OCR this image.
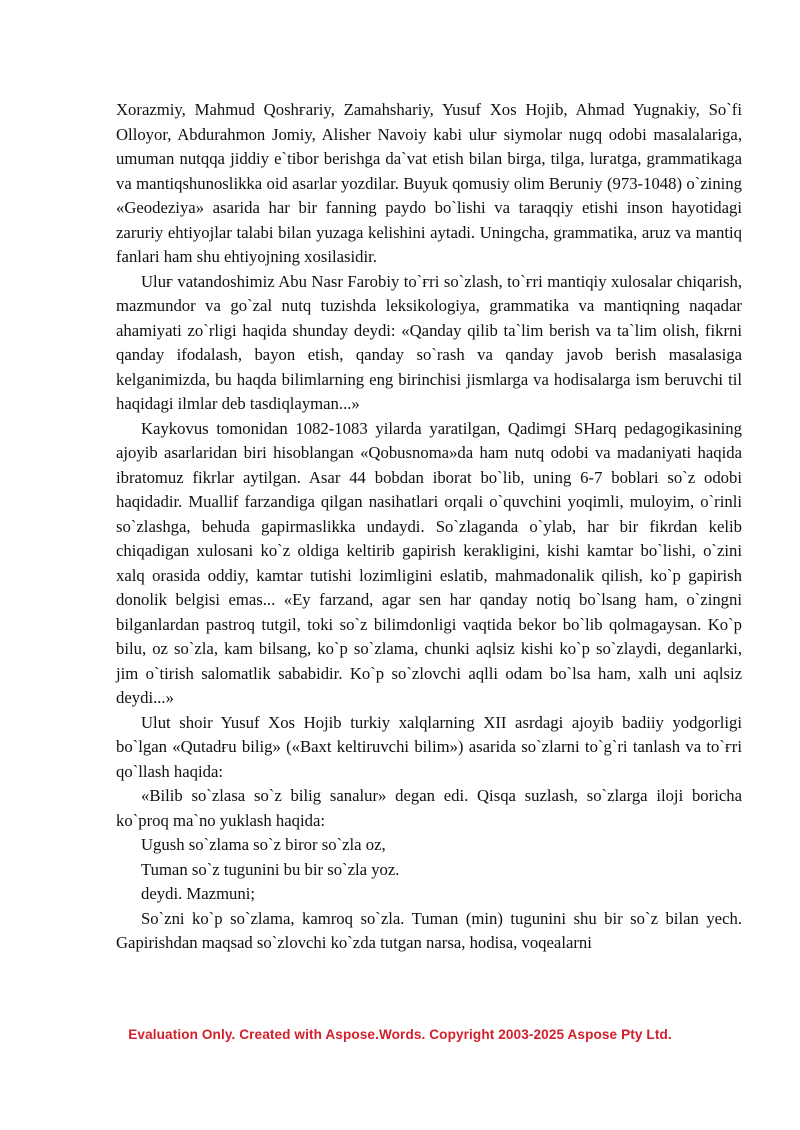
Xorazmiy, Mahmud Qoshғariy, Zamahshariy, Yusuf Xos Hojib, Ahmad Yugnakiy, So`fi Olloyor, Abdurahmon Jomiy, Alisher Navoiy kabi uluғ siymolar nugq odobi masalalariga, umuman nutqqa jiddiy e`tibor berishga da`vat etish bilan birga, tilga, luғatga, grammatikaga va mantiqshunoslikka oid asarlar yozdilar. Buyuk qomusiy olim Beruniy (973-1048) o`zining «Geodeziya» asarida har bir fanning paydo bo`lishi va taraqqiy etishi inson hayotidagi zaruriy ehtiyojlar talabi bilan yuzaga kelishini aytadi. Uningcha, grammatika, aruz va mantiq fanlari ham shu ehtiyojning xosilasidir.

Uluғ vatandoshimiz Abu Nasr Farobiy to`ғri so`zlash, to`ғri mantiqiy xulosalar chiqarish, mazmundor va go`zal nutq tuzishda leksikologiya, grammatika va mantiqning naqadar ahamiyati zo`rligi haqida shunday deydi: «Qanday qilib ta`lim berish va ta`lim olish, fikrni qanday ifodalash, bayon etish, qanday so`rash va qanday javob berish masalasiga kelganimizda, bu haqda bilimlarning eng birinchisi jismlarga va hodisalarga ism beruvchi til haqidagi ilmlar deb tasdiqlayman...»

Kaykovus tomonidan 1082-1083 yilarda yaratilgan, Qadimgi SHarq pedagogikasining ajoyib asarlaridan biri hisoblangan «Qobusnoma»da ham nutq odobi va madaniyati haqida ibratomuz fikrlar aytilgan. Asar 44 bobdan iborat bo`lib, uning 6-7 boblari so`z odobi haqidadir. Muallif farzandiga qilgan nasihatlari orqali o`quvchini yoqimli, muloyim, o`rinli so`zlashga, behuda gapirmaslikka undaydi. So`zlaganda o`ylab, har bir fikrdan kelib chiqadigan xulosani ko`z oldiga keltirib gapirish kerakligini, kishi kamtar bo`lishi, o`zini xalq orasida oddiy, kamtar tutishi lozimligini eslatib, mahmadonalik qilish, ko`p gapirish donolik belgisi emas... «Ey farzand, agar sen har qanday notiq bo`lsang ham, o`zingni bilganlardan pastroq tutgil, toki so`z bilimdonligi vaqtida bekor bo`lib qolmagaysan. Ko`p bilu, oz so`zla, kam bilsang, ko`p so`zlama, chunki aqlsiz kishi ko`p so`zlaydi, deganlarki, jim o`tirish salomatlik sababidir. Ko`p so`zlovchi aqlli odam bo`lsa ham, xalh uni aqlsiz deydi...»

Ulut shoir Yusuf Xos Hojib turkiy xalqlarning XII asrdagi ajoyib badiiy yodgorligi bo`lgan «Qutadғu bilig» («Baxt keltiruvchi bilim») asarida so`zlarni to`g`ri tanlash va to`ғri qo`llash haqida:

«Bilib so`zlasa so`z bilig sanalur» degan edi. Qisqa suzlash, so`zlarga iloji boricha ko`proq ma`no yuklash haqida:

Ugush so`zlama so`z biror so`zla oz,

Tuman so`z tugunini bu bir so`zla yoz.

deydi. Mazmuni;

So`zni ko`p so`zlama, kamroq so`zla. Tuman (min) tugunini shu bir so`z bilan yech. Gapirishdan maqsad so`zlovchi ko`zda tutgan narsa, hodisa, voqealarni

Evaluation Only. Created with Aspose.Words. Copyright 2003-2025 Aspose Pty Ltd.
